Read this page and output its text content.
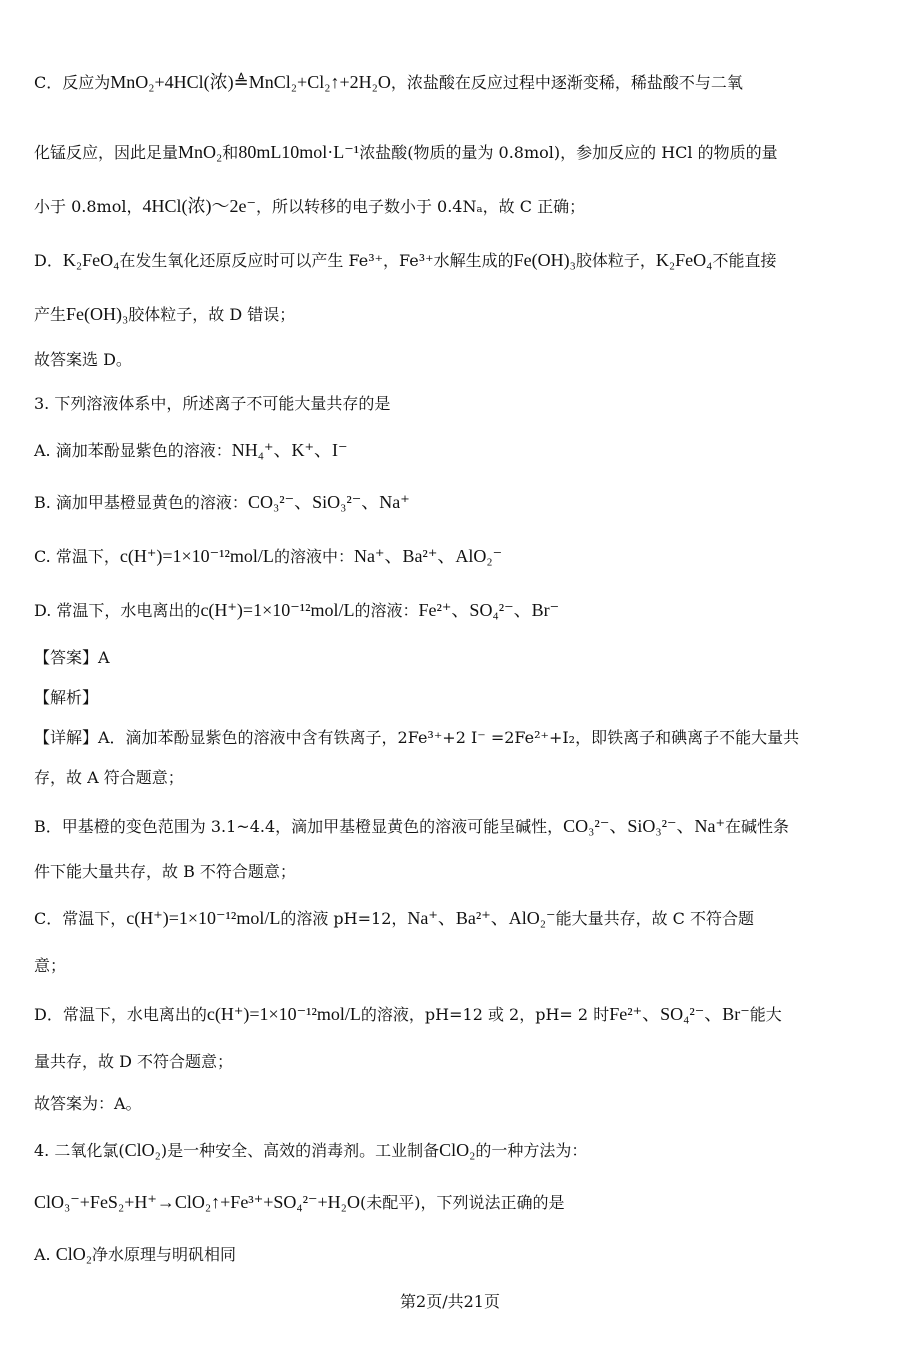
C．反应为MnO₂+4HCl(浓)≜MnCl₂+Cl₂↑+2H₂O，浓盐酸在反应过程中逐渐变稀，稀盐酸不与二氧
化锰反应，因此足量MnO₂和80mL10mol·L⁻¹浓盐酸(物质的量为 0.8mol)，参加反应的 HCl 的物质的量
小于 0.8mol，4HCl(浓)～2e⁻，所以转移的电子数小于 0.4Nₐ，故 C 正确；
D．K₂FeO₄在发生氧化还原反应时可以产生 Fe³⁺，Fe³⁺水解生成的Fe(OH)₃胶体粒子，K₂FeO₄不能直接
产生Fe(OH)₃胶体粒子，故 D 错误；
故答案选 D。
3. 下列溶液体系中，所述离子不可能大量共存的是
A. 滴加苯酚显紫色的溶液：NH₄⁺、K⁺、I⁻
B. 滴加甲基橙显黄色的溶液：CO₃²⁻、SiO₃²⁻、Na⁺
C. 常温下，c(H⁺)=1×10⁻¹²mol/L的溶液中：Na⁺、Ba²⁺、AlO₂⁻
D. 常温下，水电离出的c(H⁺)=1×10⁻¹²mol/L的溶液：Fe²⁺、SO₄²⁻、Br⁻
【答案】A
【解析】
【详解】A．滴加苯酚显紫色的溶液中含有铁离子，2Fe³⁺+2 I⁻ =2Fe²⁺+I₂，即铁离子和碘离子不能大量共
存，故 A 符合题意；
B．甲基橙的变色范围为 3.1~4.4，滴加甲基橙显黄色的溶液可能呈碱性，CO₃²⁻、SiO₃²⁻、Na⁺在碱性条
件下能大量共存，故 B 不符合题意；
C．常温下，c(H⁺)=1×10⁻¹²mol/L的溶液 pH=12，Na⁺、Ba²⁺、AlO₂⁻能大量共存，故 C 不符合题
意；
D．常温下，水电离出的c(H⁺)=1×10⁻¹²mol/L的溶液，pH=12 或 2，pH= 2 时Fe²⁺、SO₄²⁻、Br⁻能大
量共存，故 D 不符合题意；
故答案为：A。
4. 二氧化氯(ClO₂)是一种安全、高效的消毒剂。工业制备ClO₂的一种方法为：
ClO₃⁻+FeS₂+H⁺→ClO₂↑+Fe³⁺+SO₄²⁻+H₂O(未配平)，下列说法正确的是
A. ClO₂净水原理与明矾相同
第2页/共21页
